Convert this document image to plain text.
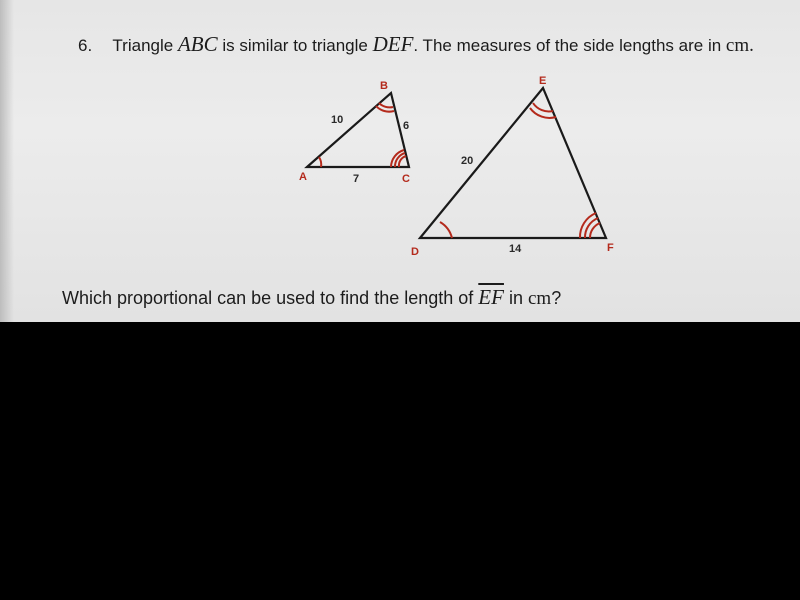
6. Triangle ABC is similar to triangle DEF. The measures of the side lengths are in cm.
A
B
C
10	6
7
D
E
F
20
14
Which proportional can be used to find the length of $\overline{EF}$ in cm?
